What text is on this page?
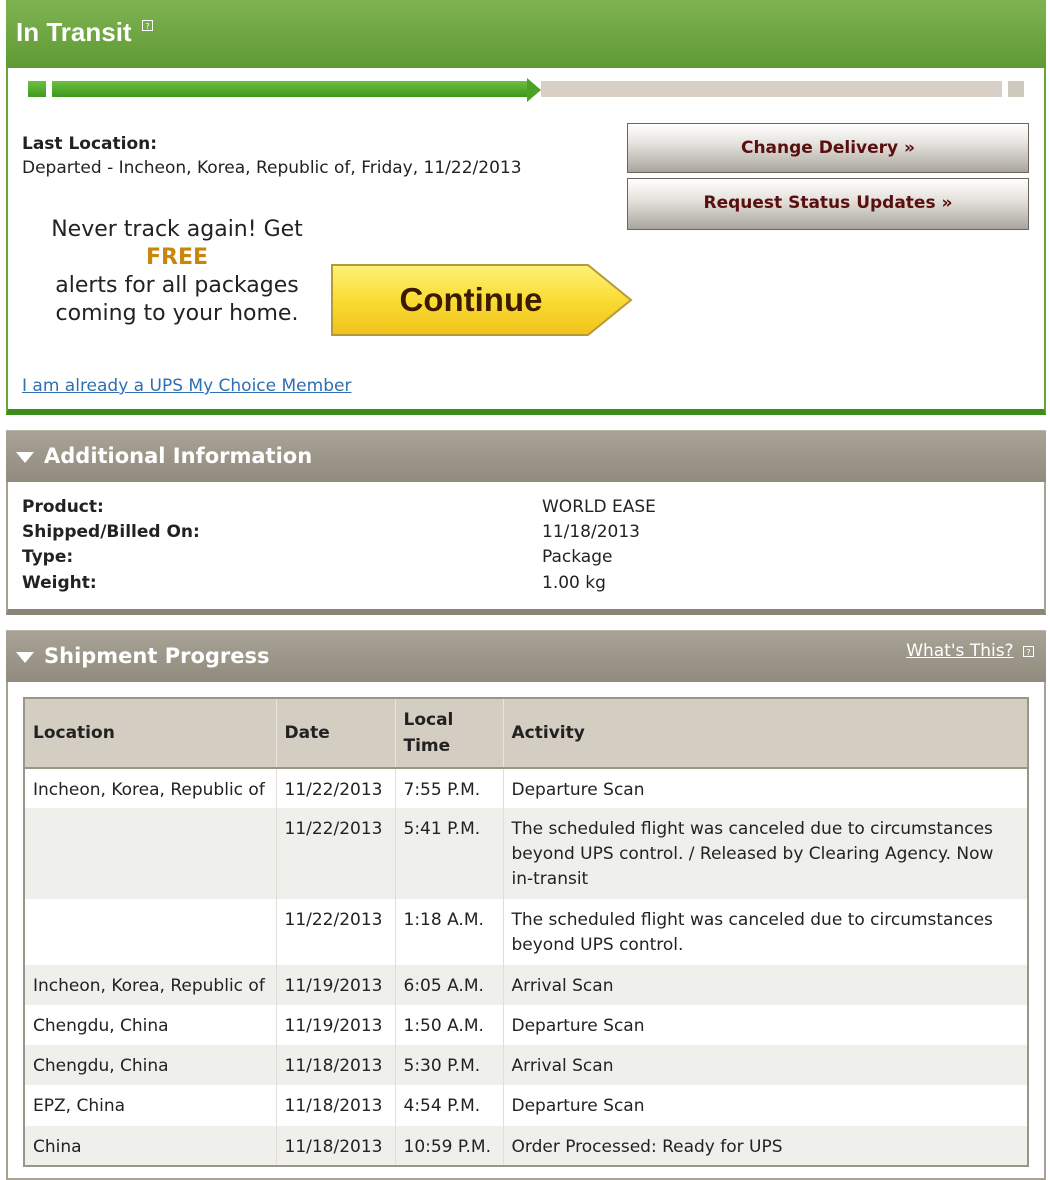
In Transit	?
Last Location:
Departed - Incheon, Korea, Republic of, Friday, 11/22/2013
Change Delivery »
Request Status Updates »
Never track again! Get FREE
alerts for all packages
coming to your home.	Continue
I am already a UPS My Choice Member
Additional Information
Product:	WORLD EASE
Shipped/Billed On:	11/18/2013
Type:	Package
Weight:	1.00 kg
Shipment Progress	What's This? ?
Location	Date	Local Time	Activity
Incheon, Korea, Republic of	11/22/2013	7:55 P.M.	Departure Scan
	11/22/2013	5:41 P.M.	The scheduled flight was canceled due to circumstances beyond UPS control. / Released by Clearing Agency. Now in-transit
	11/22/2013	1:18 A.M.	The scheduled flight was canceled due to circumstances beyond UPS control.
Incheon, Korea, Republic of	11/19/2013	6:05 A.M.	Arrival Scan
Chengdu, China	11/19/2013	1:50 A.M.	Departure Scan
Chengdu, China	11/18/2013	5:30 P.M.	Arrival Scan
EPZ, China	11/18/2013	4:54 P.M.	Departure Scan
China	11/18/2013	10:59 P.M.	Order Processed: Ready for UPS
